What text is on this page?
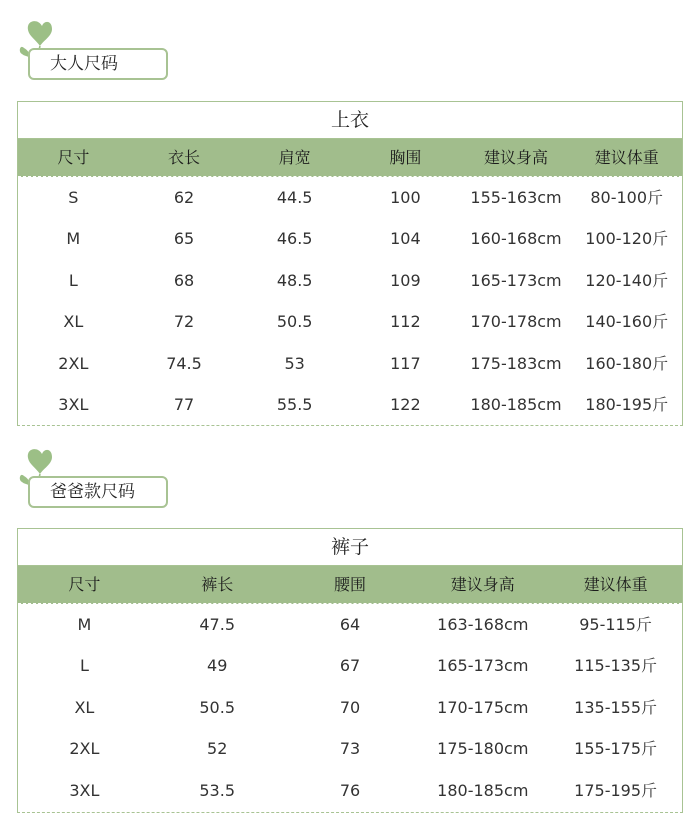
大人尺码
上衣
尺寸	衣长	肩宽	胸围	建议身高	建议体重
S	62	44.5	100	155-163cm	80-100斤
M	65	46.5	104	160-168cm	100-120斤
L	68	48.5	109	165-173cm	120-140斤
XL	72	50.5	112	170-178cm	140-160斤
2XL	74.5	53	117	175-183cm	160-180斤
3XL	77	55.5	122	180-185cm	180-195斤
爸爸款尺码
裤子
尺寸	裤长	腰围	建议身高	建议体重
M	47.5	64	163-168cm	95-115斤
L	49	67	165-173cm	115-135斤
XL	50.5	70	170-175cm	135-155斤
2XL	52	73	175-180cm	155-175斤
3XL	53.5	76	180-185cm	175-195斤
